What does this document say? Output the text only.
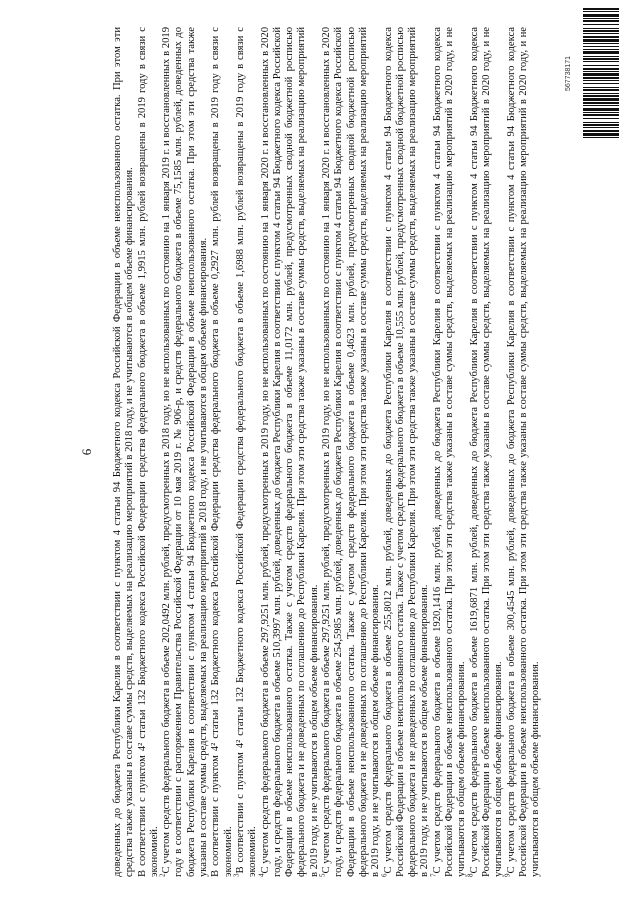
6 доведенных до бюджета Республики Карелия в соответствии с пунктом 4 статьи 94 Бюджетного кодекса Российской Федерации в объеме неиспользованного остатка. При этом эти средства также указаны в составе суммы средств, выделяемых на реализацию мероприятий в 2018 году, и не учитываются в общем объеме финансирования. В соответствии с пунктом 4² статьи 132 Бюджетного кодекса Российской Федерации средства федерального бюджета в объеме 1,9915 млн. рублей возвращены в 2019 году в связи с экономией.

$^2$С учетом средств федерального бюджета в объеме 202,0492 млн. рублей, предусмотренных в 2018 году, но не использованных по состоянию на 1 января 2019 г. и восстановленных в 2019 году в соответствии с распоряжением Правительства Российской Федерации от 10 мая 2019 г. № 906-р, и средств федерального бюджета в объеме 75,1585 млн. рублей, доведенных до бюджета Республики Карелия в соответствии с пунктом 4 статьи 94 Бюджетного кодекса Российской Федерации в объеме неиспользованного остатка. При этом эти средства также указаны в составе суммы средств, выделяемых на реализацию мероприятий в 2018 году, и не учитываются в общем объеме финансирования. В соответствии с пунктом 4² статьи 132 Бюджетного кодекса Российской Федерации средства федерального бюджета в объеме 0,2927 млн. рублей возвращены в 2019 году в связи с экономией.

$^3$В соответствии с пунктом 4² статьи 132 Бюджетного кодекса Российской Федерации средства федерального бюджета в объеме 1,6988 млн. рублей возвращены в 2019 году в связи с экономией.

$^4$С учетом средств федерального бюджета в объеме 297,9251 млн. рублей, предусмотренных в 2019 году, но не использованных по состоянию на 1 января 2020 г. и восстановленных в 2020 году, и средств федерального бюджета в объеме 510,3997 млн. рублей, доведенных до бюджета Республики Карелия в соответствии с пунктом 4 статьи 94 Бюджетного кодекса Российской Федерации в объеме неиспользованного остатка. Также с учетом средств федерального бюджета в объеме 11,0172 млн. рублей, предусмотренных сводной бюджетной росписью федерального бюджета и не доведенных по соглашению до Республики Карелия. При этом эти средства также указаны в составе суммы средств, выделяемых на реализацию мероприятий в 2019 году, и не учитываются в общем объеме финансирования.

$^5$С учетом средств федерального бюджета в объеме 297,9251 млн. рублей, предусмотренных в 2019 году, но не использованных по состоянию на 1 января 2020 г. и восстановленных в 2020 году, и средств федерального бюджета в объеме 254,5985 млн. рублей, доведенных до бюджета Республики Карелия в соответствии с пунктом 4 статьи 94 Бюджетного кодекса Российской Федерации в объеме неиспользованного остатка. Также с учетом средств федерального бюджета в объеме 0,4623 млн. рублей, предусмотренных сводной бюджетной росписью федерального бюджета и не доведенных по соглашению до Республики Карелия. При этом эти средства также указаны в составе суммы средств, выделяемых на реализацию мероприятий в 2019 году, и не учитываются в общем объеме финансирования.

$^6$С учетом средств федерального бюджета в объеме 255,8012 млн. рублей, доведенных до бюджета Республики Карелия в соответствии с пунктом 4 статьи 94 Бюджетного кодекса Российской Федерации в объеме неиспользованного остатка. Также с учетом средств федерального бюджета в объеме 10,555 млн. рублей, предусмотренных сводной бюджетной росписью федерального бюджета и не доведенных по соглашению до Республики Карелия. При этом эти средства также указаны в составе суммы средств, выделяемых на реализацию мероприятий в 2019 году, и не учитываются в общем объеме финансирования.

$^7$С учетом средств федерального бюджета в объеме 1920,1416 млн. рублей, доведенных до бюджета Республики Карелия в соответствии с пунктом 4 статьи 94 Бюджетного кодекса Российской Федерации в объеме неиспользованного остатка. При этом эти средства также указаны в составе суммы средств, выделяемых на реализацию мероприятий в 2020 году, и не учитываются в общем объеме финансирования.

$^8$С учетом средств федерального бюджета в объеме 1619,6871 млн. рублей, доведенных до бюджета Республики Карелия в соответствии с пунктом 4 статьи 94 Бюджетного кодекса Российской Федерации в объеме неиспользованного остатка. При этом эти средства также указаны в составе суммы средств, выделяемых на реализацию мероприятий в 2020 году, и не учитываются в общем объеме финансирования.

$^9$С учетом средств федерального бюджета в объеме 300,4545 млн. рублей, доведенных до бюджета Республики Карелия в соответствии с пунктом 4 статьи 94 Бюджетного кодекса Российской Федерации в объеме неиспользованного остатка. При этом эти средства также указаны в составе суммы средств, выделяемых на реализацию мероприятий в 2020 году, и не учитываются в общем объеме финансирования.

567738171
